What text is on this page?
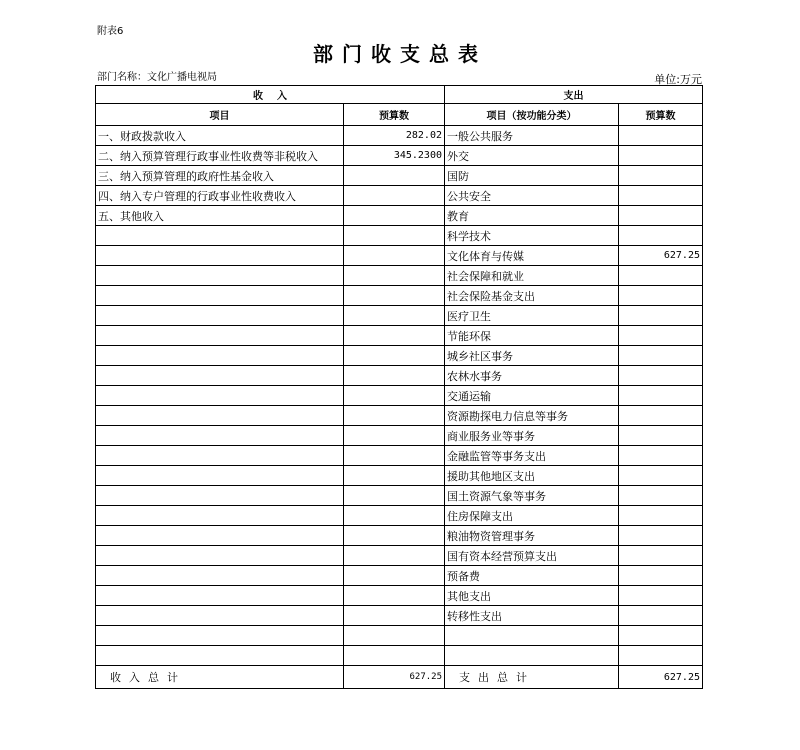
附表6
部门收支总表
部门名称：文化广播电视局	单位:万元
收    入		支出	
项目	预算数	项目（按功能分类）	预算数
一、财政拨款收入	282.02	一般公共服务	
二、纳入预算管理行政事业性收费等非税收入	345.2300	外交	
三、纳入预算管理的政府性基金收入		国防	
四、纳入专户管理的行政事业性收费收入		公共安全	
五、其他收入		教育	
		科学技术	
		文化体育与传媒	627.25
		社会保障和就业	
		社会保险基金支出	
		医疗卫生	
		节能环保	
		城乡社区事务	
		农林水事务	
		交通运输	
		资源勘探电力信息等事务	
		商业服务业等事务	
		金融监管等事务支出	
		援助其他地区支出	
		国土资源气象等事务	
		住房保障支出	
		粮油物资管理事务	
		国有资本经营预算支出	
		预备费	
		其他支出	
		转移性支出	

收入总计	627.25	支出总计	627.25
